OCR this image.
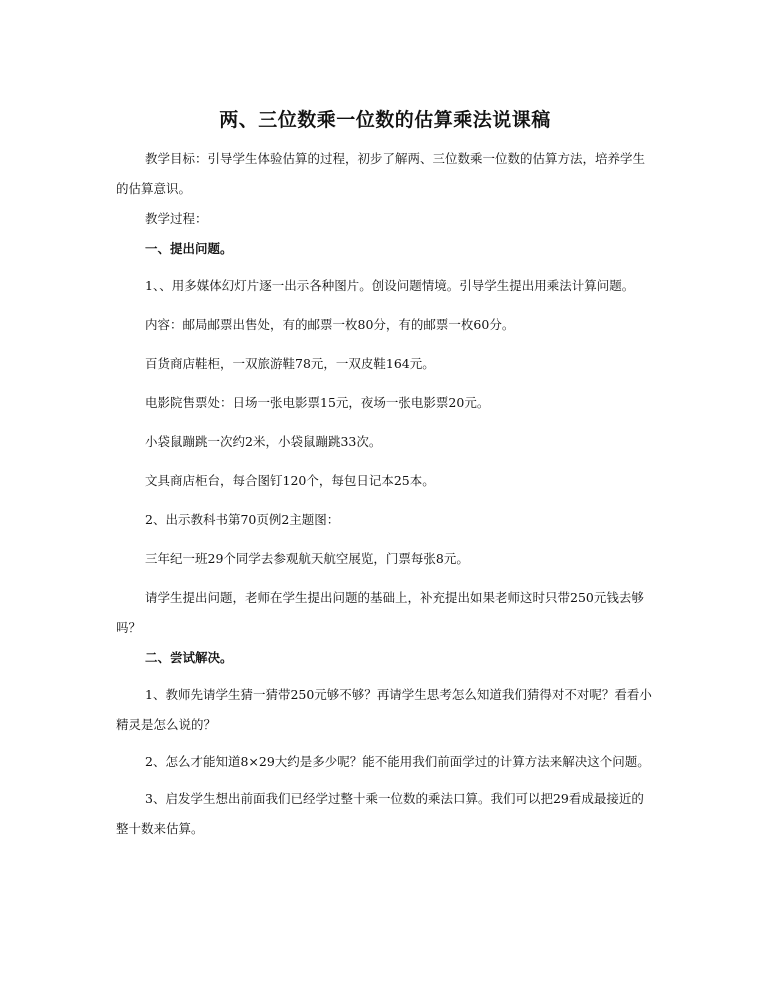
两、三位数乘一位数的估算乘法说课稿

教学目标：引导学生体验估算的过程，初步了解两、三位数乘一位数的估算方法，培养学生的估算意识。

教学过程：

一、提出问题。

1、、用多媒体幻灯片逐一出示各种图片。创设问题情境。引导学生提出用乘法计算问题。

内容：邮局邮票出售处，有的邮票一枚80分，有的邮票一枚60分。

百货商店鞋柜，一双旅游鞋78元，一双皮鞋164元。

电影院售票处：日场一张电影票15元，夜场一张电影票20元。

小袋鼠蹦跳一次约2米，小袋鼠蹦跳33次。

文具商店柜台，每合图钉120个，每包日记本25本。

2、出示教科书第70页例2主题图：

三年纪一班29个同学去参观航天航空展览，门票每张8元。

请学生提出问题，老师在学生提出问题的基础上，补充提出如果老师这时只带250元钱去够吗？

二、尝试解决。

1、教师先请学生猜一猜带250元够不够？再请学生思考怎么知道我们猜得对不对呢？看看小精灵是怎么说的？

2、怎么才能知道8×29大约是多少呢？能不能用我们前面学过的计算方法来解决这个问题。

3、启发学生想出前面我们已经学过整十乘一位数的乘法口算。我们可以把29看成最接近的整十数来估算。
